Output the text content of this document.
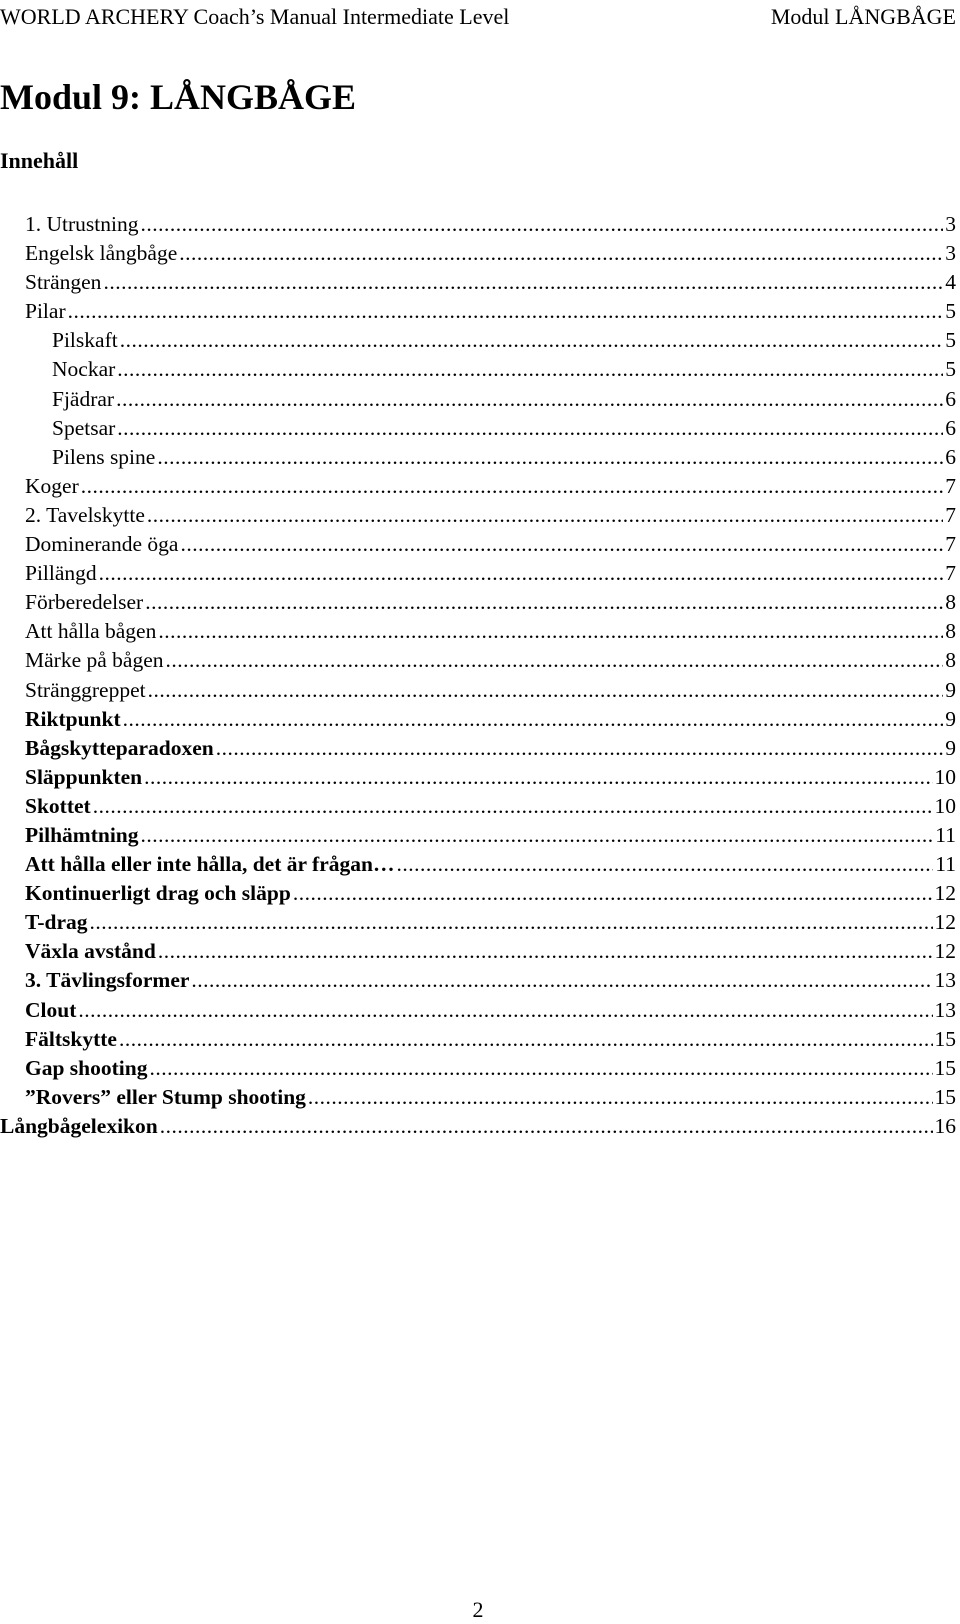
WORLD ARCHERY Coach’s Manual Intermediate Level	Modul LÅNGBÅGE
Modul 9: LÅNGBÅGE
Innehåll
1. Utrustning .....	3
Engelsk långbåge .....	3
Strängen .....	4
Pilar .....	5
Pilskaft .....	5
Nockar .....	5
Fjädrar .....	6
Spetsar .....	6
Pilens spine .....	6
Koger .....	7
2. Tavelskytte .....	7
Dominerande öga .....	7
Pillängd .....	7
Förberedelser .....	8
Att hålla bågen .....	8
Märke på bågen .....	8
Stränggreppet .....	9
Riktpunkt .....	9
Bågskytteparadoxen .....	9
Släppunkten .....	10
Skottet .....	10
Pilhämtning .....	11
Att hålla eller inte hålla, det är frågan… .....	11
Kontinuerligt drag och släpp .....	12
T-drag .....	12
Växla avstånd .....	12
3. Tävlingsformer .....	13
Clout .....	13
Fältskytte .....	15
Gap shooting .....	15
”Rovers” eller Stump shooting .....	15
Långbågelexikon .....	16
2
